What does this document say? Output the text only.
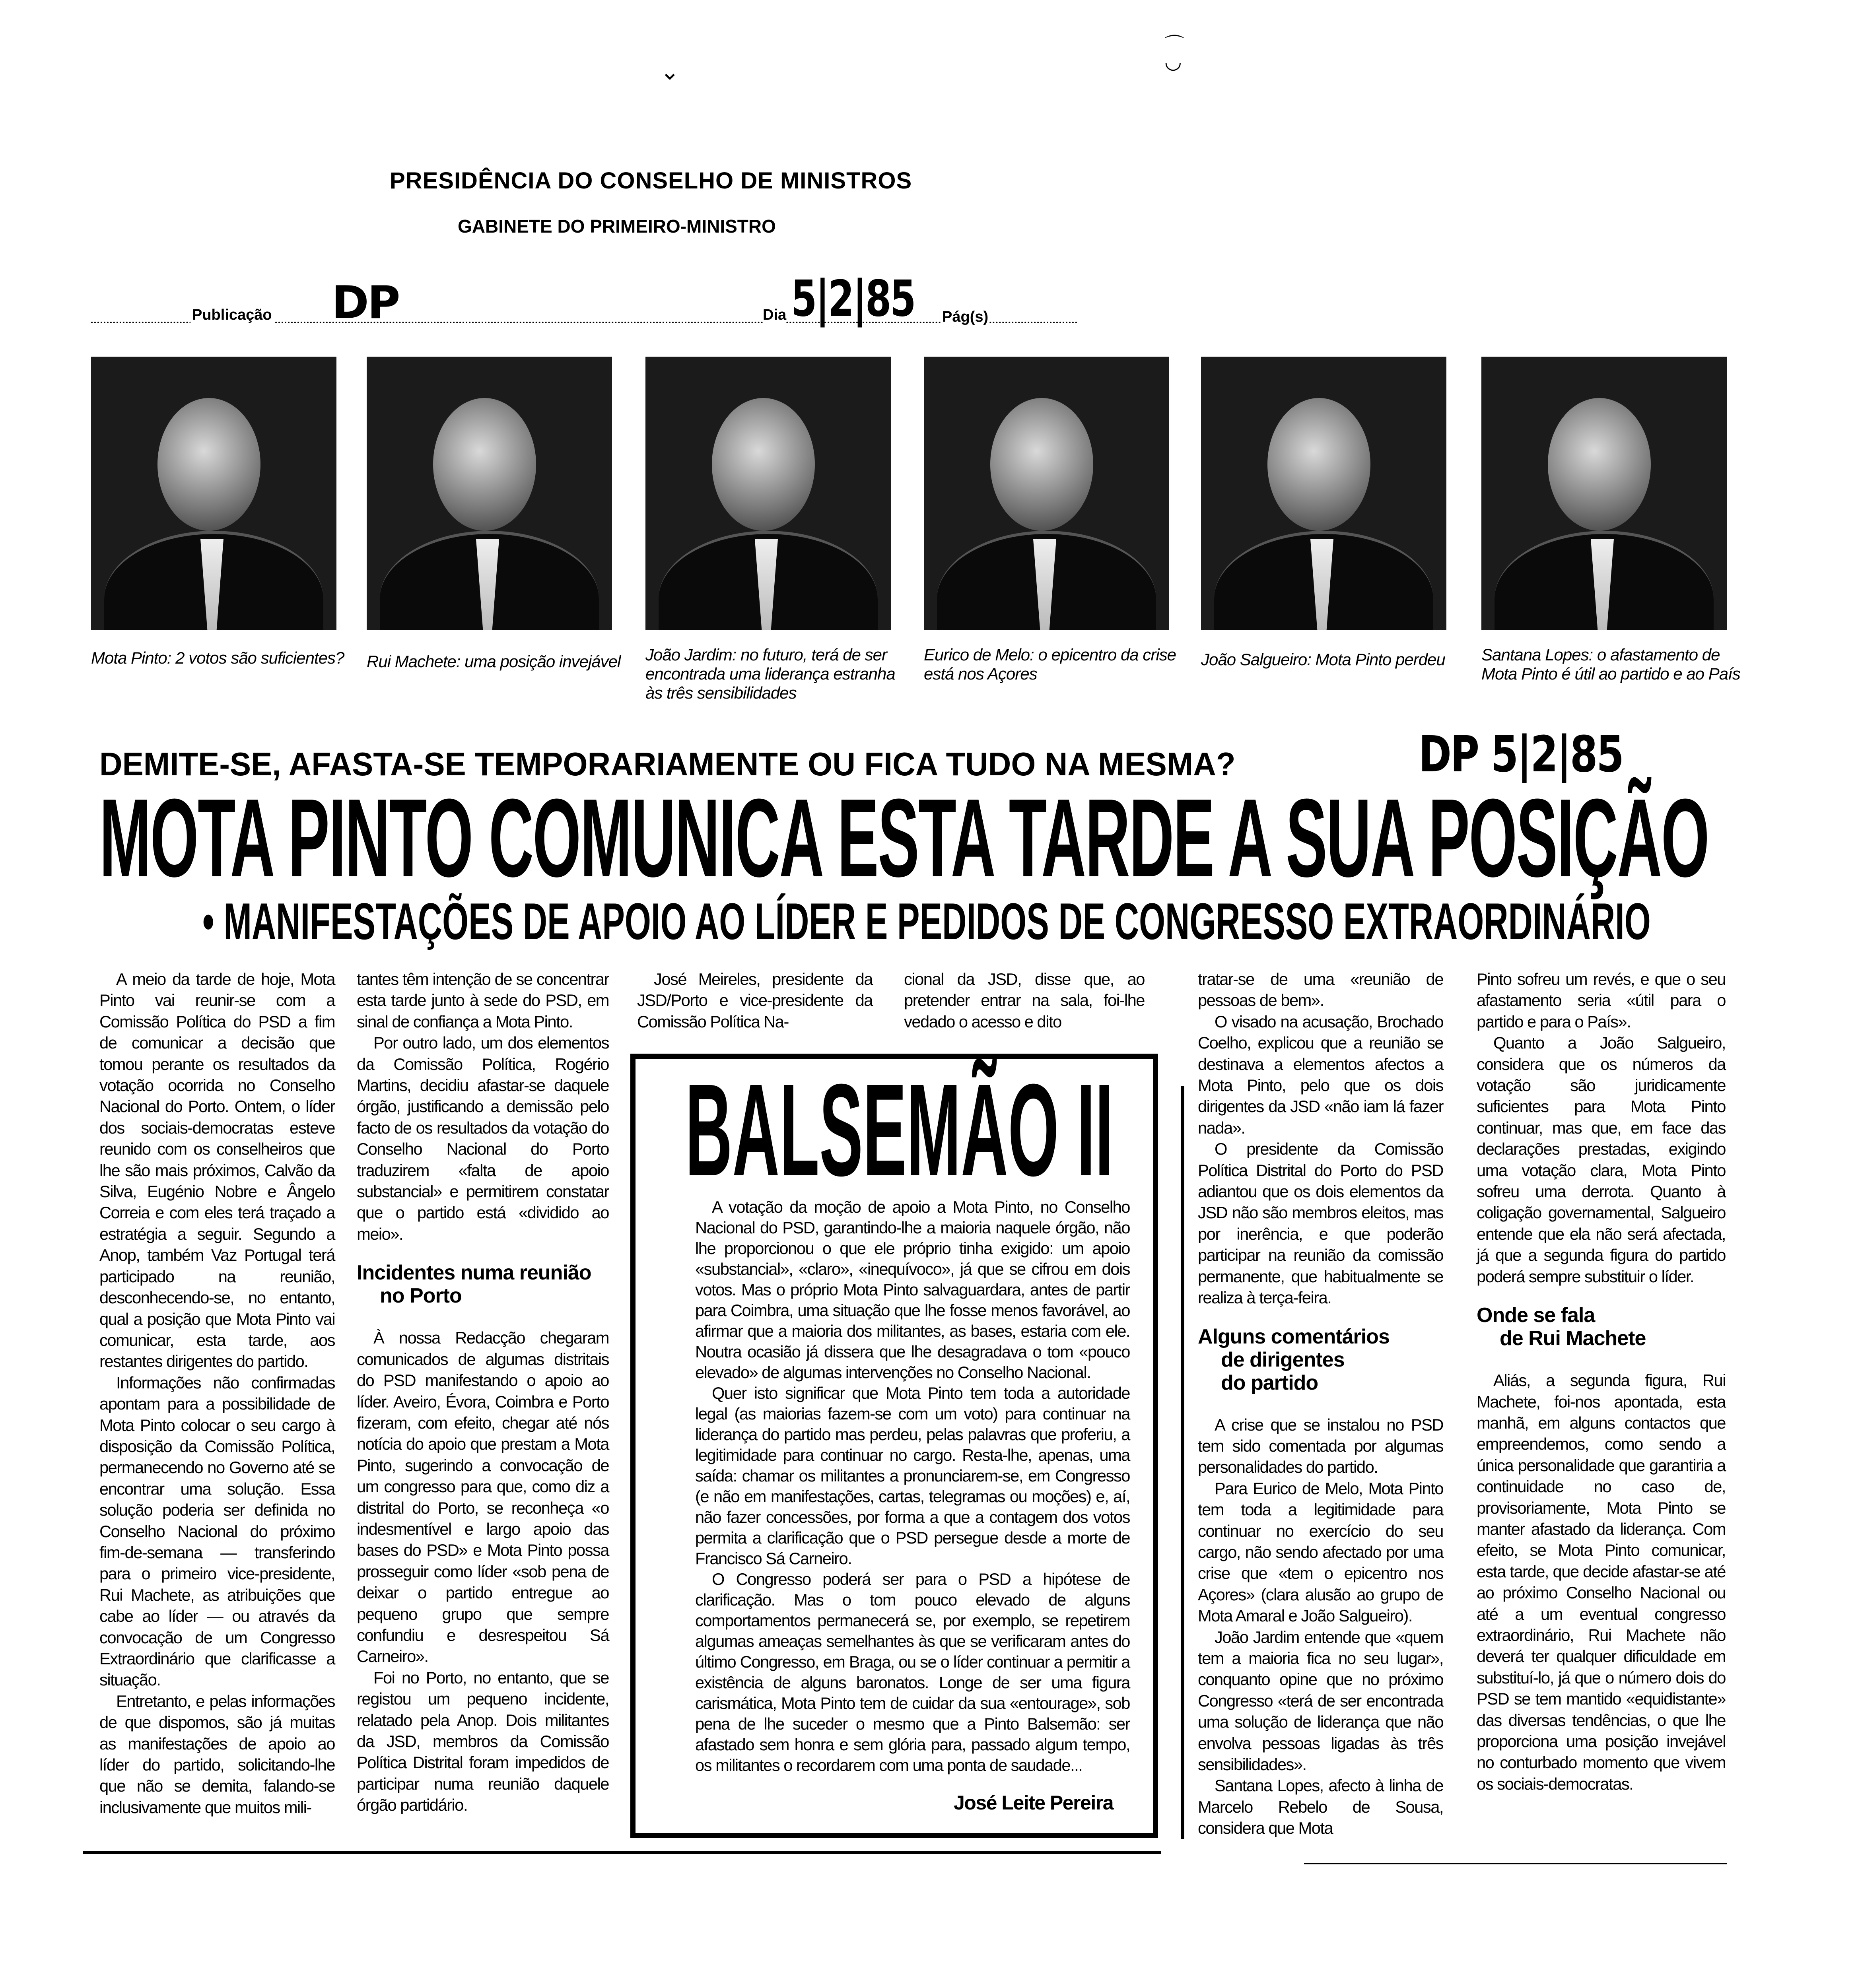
⌄
⌒
◡
PRESIDÊNCIA DO CONSELHO DE MINISTROS
GABINETE DO PRIMEIRO-MINISTRO
Publicação DP	Dia 5|2|85 Pág(s)
Mota Pinto: 2 votos são suficientes?	Rui Machete: uma posição invejável	João Jardim: no futuro, terá de ser encontrada uma liderança estranha às três sensibilidades
Eurico de Melo: o epicentro da crise está nos Açores
João Salgueiro: Mota Pinto perdeu	Santana Lopes: o afastamento de Mota Pinto é útil ao partido e ao País
DEMITE-SE, AFASTA-SE TEMPORARIAMENTE OU FICA TUDO NA MESMA?	DP 5|2|85
MOTA PINTO COMUNICA ESTA TARDE A SUA POSIÇÃO
• MANIFESTAÇÕES DE APOIO AO LÍDER E PEDIDOS DE CONGRESSO EXTRAORDINÁRIO

A meio da tarde de hoje, Mota Pinto vai reunir-se com a Comissão Política do PSD a fim de comunicar a decisão que tomou perante os resultados da votação ocorrida no Conselho Nacional do Porto. Ontem, o líder dos sociais-democratas esteve reunido com os conselheiros que lhe são mais próximos, Calvão da Silva, Eugénio Nobre e Ângelo Correia e com eles terá traçado a estratégia a seguir. Segundo a Anop, também Vaz Portugal terá participado na reunião, desconhecendo-se, no entanto, qual a posição que Mota Pinto vai comunicar, esta tarde, aos restantes dirigentes do partido.

Informações não confirmadas apontam para a possibilidade de Mota Pinto colocar o seu cargo à disposição da Comissão Política, permanecendo no Governo até se encontrar uma solução. Essa solução poderia ser definida no Conselho Nacional do próximo fim-de-semana — transferindo para o primeiro vice-presidente, Rui Machete, as atribuições que cabe ao líder — ou através da convocação de um Congresso Extraordinário que clarificasse a situação.

Entretanto, e pelas informações de que dispomos, são já muitas as manifestações de apoio ao líder do partido, solicitando-lhe que não se demita, falando-se inclusivamente que muitos mili-

tantes têm intenção de se concentrar esta tarde junto à sede do PSD, em sinal de confiança a Mota Pinto.

Por outro lado, um dos elementos da Comissão Política, Rogério Martins, decidiu afastar-se daquele órgão, justificando a demissão pelo facto de os resultados da votação do Conselho Nacional do Porto traduzirem «falta de apoio substancial» e permitirem constatar que o partido está «dividido ao meio».

Incidentes numa reunião
no Porto

À nossa Redacção chegaram comunicados de algumas distritais do PSD manifestando o apoio ao líder. Aveiro, Évora, Coimbra e Porto fizeram, com efeito, chegar até nós notícia do apoio que prestam a Mota Pinto, sugerindo a convocação de um congresso para que, como diz a distrital do Porto, se reconheça «o indesmentível e largo apoio das bases do PSD» e Mota Pinto possa prosseguir como líder «sob pena de deixar o partido entregue ao pequeno grupo que sempre confundiu e desrespeitou Sá Carneiro».

Foi no Porto, no entanto, que se registou um pequeno incidente, relatado pela Anop. Dois militantes da JSD, membros da Comissão Política Distrital foram impedidos de participar numa reunião daquele órgão partidário.

José Meireles, presidente da JSD/Porto e vice-presidente da Comissão Política Na-

cional da JSD, disse que, ao pretender entrar na sala, foi-lhe vedado o acesso e dito

BALSEMÃO II

A votação da moção de apoio a Mota Pinto, no Conselho Nacional do PSD, garantindo-lhe a maioria naquele órgão, não lhe proporcionou o que ele próprio tinha exigido: um apoio «substancial», «claro», «inequívoco», já que se cifrou em dois votos. Mas o próprio Mota Pinto salvaguardara, antes de partir para Coimbra, uma situação que lhe fosse menos favorável, ao afirmar que a maioria dos militantes, as bases, estaria com ele. Noutra ocasião já dissera que lhe desagradava o tom «pouco elevado» de algumas intervenções no Conselho Nacional.

Quer isto significar que Mota Pinto tem toda a autoridade legal (as maiorias fazem-se com um voto) para continuar na liderança do partido mas perdeu, pelas palavras que proferiu, a legitimidade para continuar no cargo. Resta-lhe, apenas, uma saída: chamar os militantes a pronunciarem-se, em Congresso (e não em manifestações, cartas, telegramas ou moções) e, aí, não fazer concessões, por forma a que a contagem dos votos permita a clarificação que o PSD persegue desde a morte de Francisco Sá Carneiro.

O Congresso poderá ser para o PSD a hipótese de clarificação. Mas o tom pouco elevado de alguns comportamentos permanecerá se, por exemplo, se repetirem algumas ameaças semelhantes às que se verificaram antes do último Congresso, em Braga, ou se o líder continuar a permitir a existência de alguns baronatos. Longe de ser uma figura carismática, Mota Pinto tem de cuidar da sua «entourage», sob pena de lhe suceder o mesmo que a Pinto Balsemão: ser afastado sem honra e sem glória para, passado algum tempo, os militantes o recordarem com uma ponta de saudade...

José Leite Pereira

tratar-se de uma «reunião de pessoas de bem».

O visado na acusação, Brochado Coelho, explicou que a reunião se destinava a elementos afectos a Mota Pinto, pelo que os dois dirigentes da JSD «não iam lá fazer nada».

O presidente da Comissão Política Distrital do Porto do PSD adiantou que os dois elementos da JSD não são membros eleitos, mas por inerência, e que poderão participar na reunião da comissão permanente, que habitualmente se realiza à terça-feira.

Alguns comentários
de dirigentes
do partido

A crise que se instalou no PSD tem sido comentada por algumas personalidades do partido.

Para Eurico de Melo, Mota Pinto tem toda a legitimidade para continuar no exercício do seu cargo, não sendo afectado por uma crise que «tem o epicentro nos Açores» (clara alusão ao grupo de Mota Amaral e João Salgueiro).

João Jardim entende que «quem tem a maioria fica no seu lugar», conquanto opine que no próximo Congresso «terá de ser encontrada uma solução de liderança que não envolva pessoas ligadas às três sensibilidades».

Santana Lopes, afecto à linha de Marcelo Rebelo de Sousa, considera que Mota

Pinto sofreu um revés, e que o seu afastamento seria «útil para o partido e para o País».

Quanto a João Salgueiro, considera que os números da votação são juridicamente suficientes para Mota Pinto continuar, mas que, em face das declarações prestadas, exigindo uma votação clara, Mota Pinto sofreu uma derrota. Quanto à coligação governamental, Salgueiro entende que ela não será afectada, já que a segunda figura do partido poderá sempre substituir o líder.

Onde se fala
de Rui Machete

Aliás, a segunda figura, Rui Machete, foi-nos apontada, esta manhã, em alguns contactos que empreendemos, como sendo a única personalidade que garantiria a continuidade no caso de, provisoriamente, Mota Pinto se manter afastado da liderança. Com efeito, se Mota Pinto comunicar, esta tarde, que decide afastar-se até ao próximo Conselho Nacional ou até a um eventual congresso extraordinário, Rui Machete não deverá ter qualquer dificuldade em substituí-lo, já que o número dois do PSD se tem mantido «equidistante» das diversas tendências, o que lhe proporciona uma posição invejável no conturbado momento que vivem os sociais-democratas.
